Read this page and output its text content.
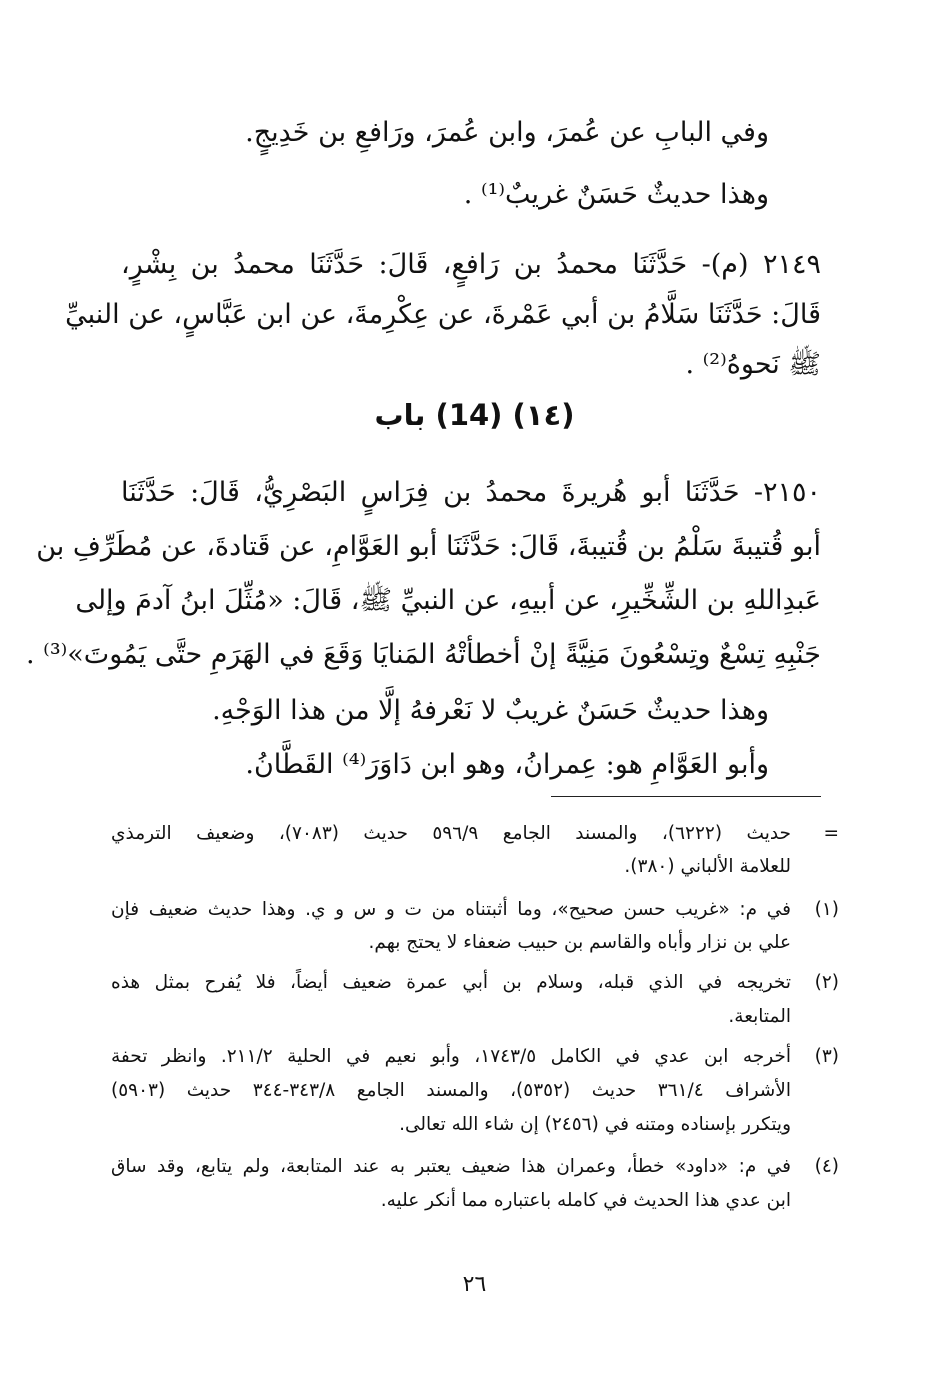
وفي البابِ عن عُمرَ، وابن عُمرَ، ورَافعِ بن خَدِيجٍ.
وهذا حديثٌ حَسَنٌ غريبٌ⁽¹⁾ .
٢١٤٩ (م)- حَدَّثَنَا محمدُ بن رَافعٍ، قَالَ: حَدَّثَنَا محمدُ بن بِشْرٍ،
قَالَ: حَدَّثَنَا سَلَّامُ بن أبي عَمْرةَ، عن عِكْرِمةَ، عن ابن عَبَّاسٍ، عن النبيِّ
ﷺ نَحوهُ⁽²⁾ .
(١٤) (14) باب
٢١٥٠- حَدَّثَنَا أبو هُريرةَ محمدُ بن فِرَاسٍ البَصْرِيُّ، قَالَ: حَدَّثَنَا
أبو قُتيبةَ سَلْمُ بن قُتيبةَ، قَالَ: حَدَّثَنَا أبو العَوَّامِ، عن قَتادةَ، عن مُطَرِّفِ بن
عَبدِاللهِ بن الشِّخِّيرِ، عن أبيهِ، عن النبيِّ ﷺ، قَالَ: «مُثِّلَ ابنُ آدمَ وإلى
جَنْبِهِ تِسْعٌ وتِسْعُونَ مَنِيَّةً إنْ أخطأتْهُ المَنايَا وَقَعَ في الهَرَمِ حتَّى يَمُوتَ»⁽³⁾ .
وهذا حديثٌ حَسَنٌ غريبٌ لا نَعْرفهُ إلَّا من هذا الوَجْهِ.
وأبو العَوَّامِ هو: عِمرانُ، وهو ابن دَاوَرَ⁽⁴⁾ القَطَّانُ.
=
حديث (٦٢٢٢)، والمسند الجامع ٥٩٦/٩ حديث (٧٠٨٣)، وضعيف الترمذي
للعلامة الألباني (٣٨٠).
(١)
في م: «غريب حسن صحيح»، وما أثبتناه من ت و س و ي. وهذا حديث ضعيف فإن
علي بن نزار وأباه والقاسم بن حبيب ضعفاء لا يحتج بهم.
(٢)
تخريجه في الذي قبله، وسلام بن أبي عمرة ضعيف أيضاً، فلا يُفرح بمثل هذه
المتابعة.
(٣)
أخرجه ابن عدي في الكامل ١٧٤٣/٥، وأبو نعيم في الحلية ٢١١/٢. وانظر تحفة
الأشراف ٣٦١/٤ حديث (٥٣٥٢)، والمسند الجامع ٣٤٣/٨-٣٤٤ حديث (٥٩٠٣)
ويتكرر بإسناده ومتنه في (٢٤٥٦) إن شاء الله تعالى.
(٤)
في م: «داود» خطأ، وعمران هذا ضعيف يعتبر به عند المتابعة، ولم يتابع، وقد ساق
ابن عدي هذا الحديث في كامله باعتباره مما أنكر عليه.
٢٦
